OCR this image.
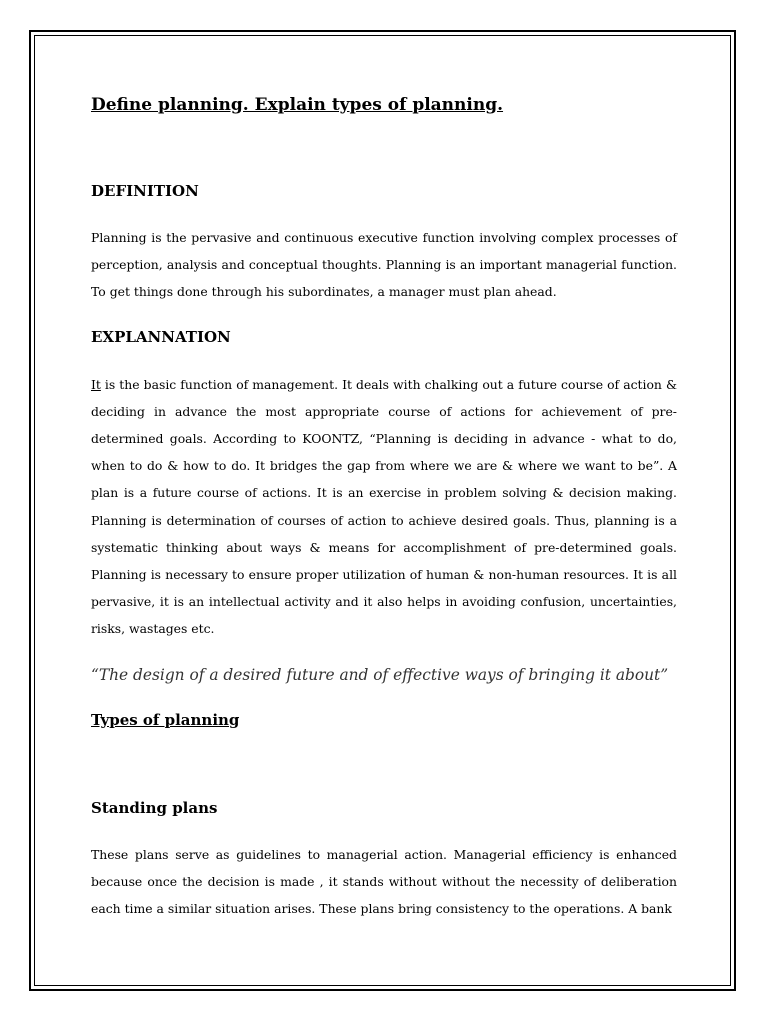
Define planning. Explain types of planning.
DEFINITION

Planning is the pervasive and continuous executive function involving complex processes of perception, analysis and conceptual thoughts. Planning is an important managerial function. To get things done through his subordinates, a manager must plan ahead.

EXPLANNATION

It is the basic function of management. It deals with chalking out a future course of action & deciding in advance the most appropriate course of actions for achievement of pre-determined goals. According to KOONTZ, “Planning is deciding in advance - what to do, when to do & how to do. It bridges the gap from where we are & where we want to be”. A plan is a future course of actions. It is an exercise in problem solving & decision making. Planning is determination of courses of action to achieve desired goals. Thus, planning is a systematic thinking about ways & means for accomplishment of pre-determined goals. Planning is necessary to ensure proper utilization of human & non-human resources. It is all pervasive, it is an intellectual activity and it also helps in avoiding confusion, uncertainties, risks, wastages etc.

“The design of a desired future and of effective ways of bringing it about”

Types of planning
Standing plans

These plans serve as guidelines to managerial action. Managerial efficiency is enhanced because once the decision is made , it stands without without the necessity of deliberation each time a similar situation arises. These plans bring consistency to the operations. A bank
